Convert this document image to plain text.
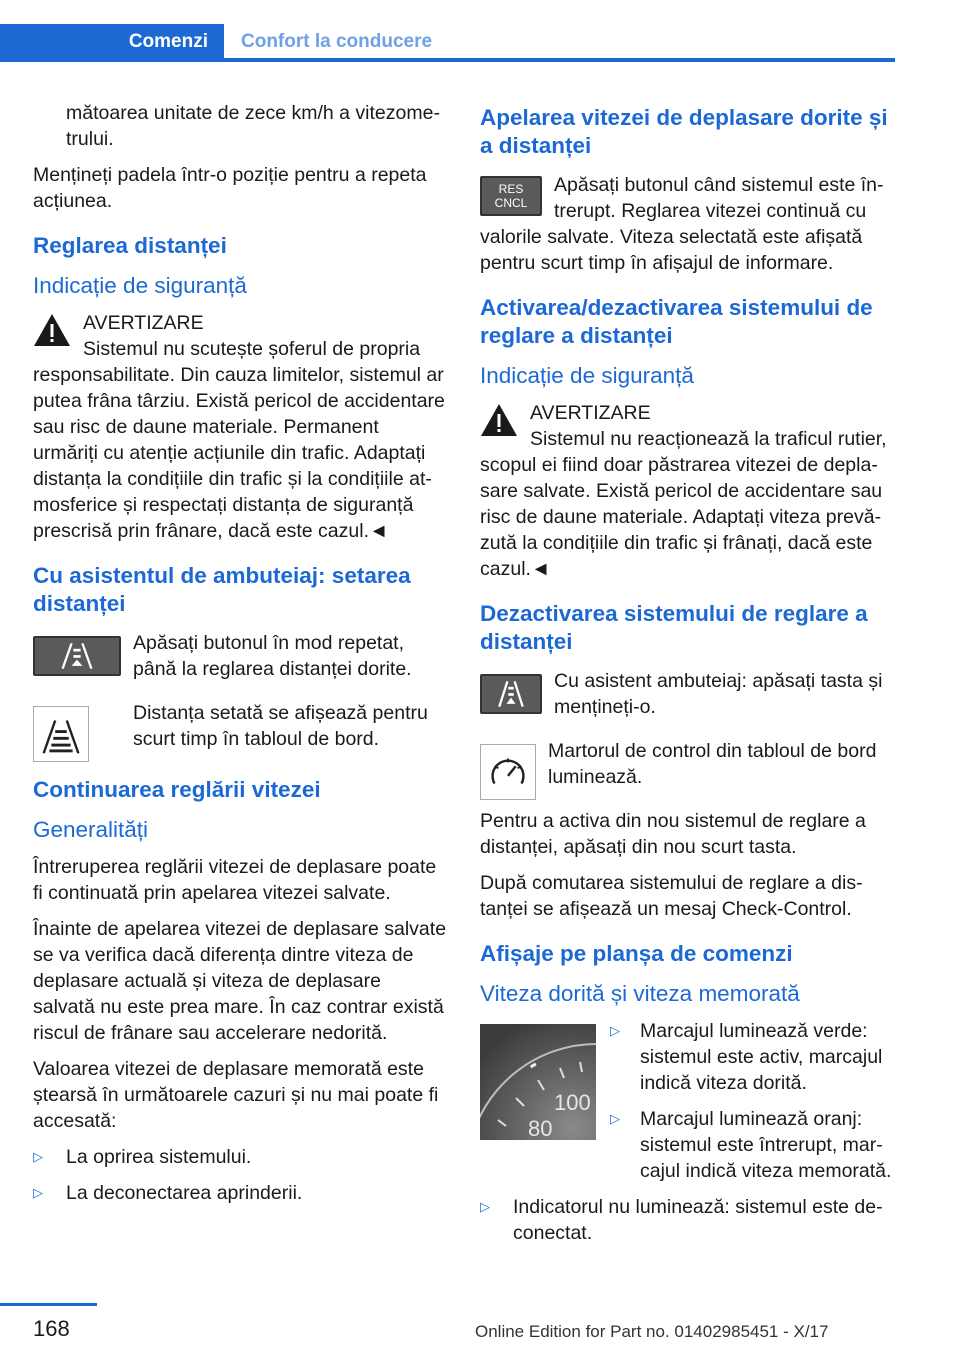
Comenzi	Confort la conducere

mătoarea unitate de zece km/h a vitezometrului.

Mențineți padela într-o poziție pentru a repeta acțiunea.

Reglarea distanței
Indicație de siguranță
AVERTIZARE
Sistemul nu scutește șoferul de propria

responsabilitate. Din cauza limitelor, sistemul ar putea frâna târziu. Există pericol de accidentare sau risc de daune materiale. Permanent urmăriți cu atenție acțiunile din trafic. Adaptați distanța la condițiile din trafic și la condițiile atmosferice și respectați distanța de siguranță prescrisă prin frânare, dacă este cazul.◄

Cu asistentul de ambuteiaj: setarea distanței
Apăsați butonul în mod repetat, până la reglarea distanței dorite.
Distanța setată se afișează pentru scurt timp în tabloul de bord.
Continuarea reglării vitezei
Generalități

Întreruperea reglării vitezei de deplasare poate fi continuată prin apelarea vitezei salvate.

Înainte de apelarea vitezei de deplasare salvate se va verifica dacă diferența dintre viteza de deplasare actuală și viteza de deplasare salvată nu este prea mare. În caz contrar există riscul de frânare sau accelerare nedorită.

Valoarea vitezei de deplasare memorată este ștearsă în următoarele cazuri și nu mai poate fi accesată:

▷ La oprirea sistemului.
▷ La deconectarea aprinderii.
Apelarea vitezei de deplasare dorite și a distanței
RES
CNCL
Apăsați butonul când sistemul este întrerupt. Reglarea vitezei continuă cu

valorile salvate. Viteza selectată este afișată pentru scurt timp în afișajul de informare.

Activarea/dezactivarea sistemului de reglare a distanței
Indicație de siguranță
AVERTIZARE
Sistemul nu reacționează la traficul rutier,

scopul ei fiind doar păstrarea vitezei de deplasare salvate. Există pericol de accidentare sau risc de daune materiale. Adaptați viteza prevăzută la condițiile din trafic și frânați, dacă este cazul.◄

Dezactivarea sistemului de reglare a distanței
Cu asistent ambuteiaj: apăsați tasta și mențineți-o.
Martorul de control din tabloul de bord luminează.

Pentru a activa din nou sistemul de reglare a distanței, apăsați din nou scurt tasta.

După comutarea sistemului de reglare a distanței se afișează un mesaj Check-Control.

Afișaje pe planșa de comenzi
Viteza dorită și viteza memorată
100
80
▷ Marcajul luminează verde: sistemul este activ, marcajul indică viteza dorită.
▷ Marcajul luminează oranj: sistemul este întrerupt, marcajul indică viteza memorată.
▷ Indicatorul nu luminează: sistemul este deconectat.
168	Online Edition for Part no. 01402985451 - X/17
